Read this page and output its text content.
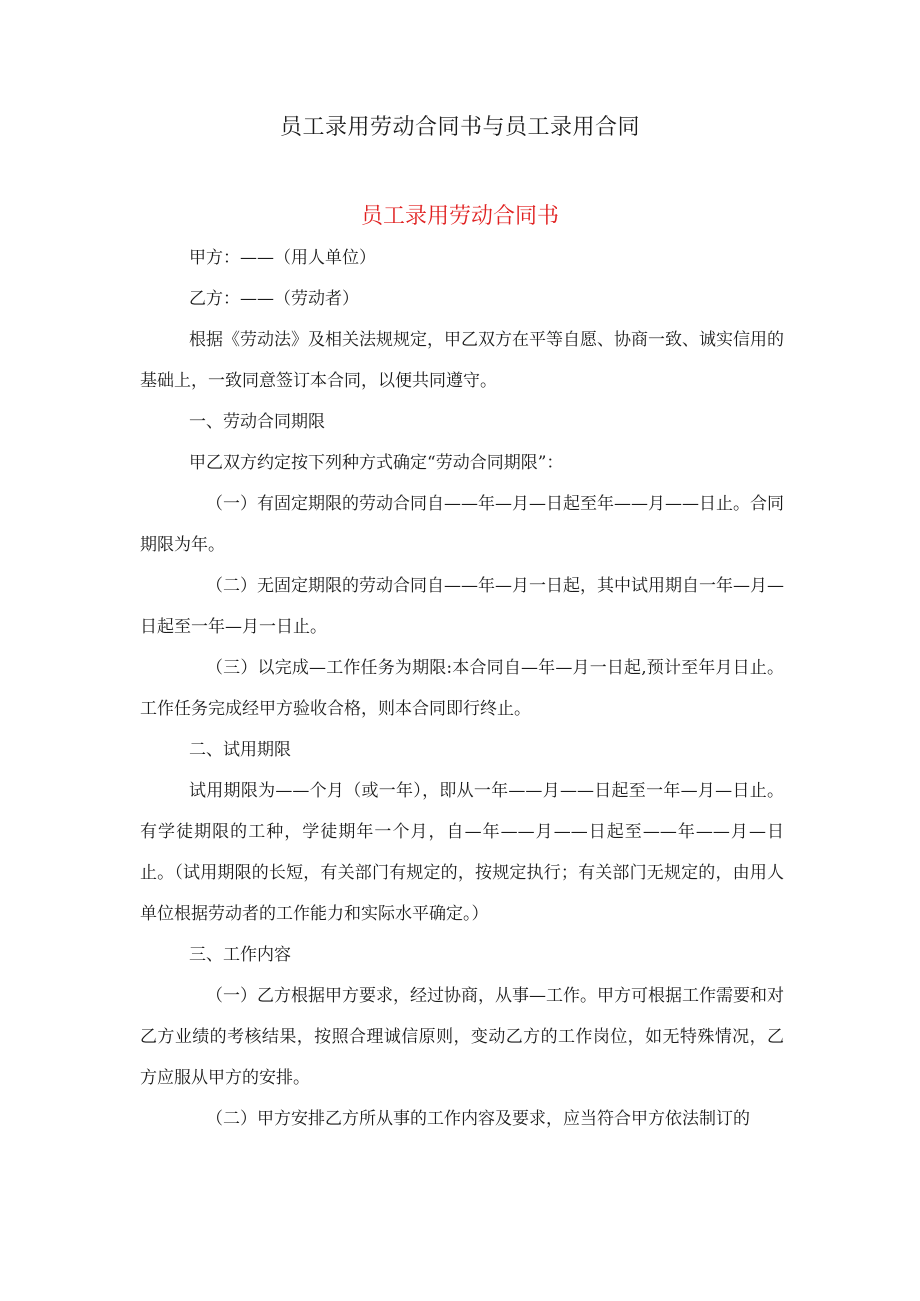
员工录用劳动合同书与员工录用合同
员工录用劳动合同书

甲方：——（用人单位）

乙方：——（劳动者）

根据《劳动法》及相关法规规定，甲乙双方在平等自愿、协商一致、诚实信用的基础上，一致同意签订本合同，以便共同遵守。

一、劳动合同期限

甲乙双方约定按下列种方式确定“劳动合同期限”：

（一）有固定期限的劳动合同自——年—月—日起至年——月——日止。合同期限为年。

（二）无固定期限的劳动合同自——年—月一日起，其中试用期自一年—月—日起至一年—月一日止。

（三）以完成—工作任务为期限:本合同自—年—月一日起,预计至年月日止。工作任务完成经甲方验收合格，则本合同即行终止。

二、试用期限

试用期限为——个月（或一年），即从一年——月——日起至一年—月—日止。有学徒期限的工种，学徒期年一个月，自—年——月——日起至——年——月—日止。（试用期限的长短，有关部门有规定的，按规定执行；有关部门无规定的，由用人单位根据劳动者的工作能力和实际水平确定。）

三、工作内容

（一）乙方根据甲方要求，经过协商，从事—工作。甲方可根据工作需要和对乙方业绩的考核结果，按照合理诚信原则，变动乙方的工作岗位，如无特殊情况，乙方应服从甲方的安排。

（二）甲方安排乙方所从事的工作内容及要求，应当符合甲方依法制订的
